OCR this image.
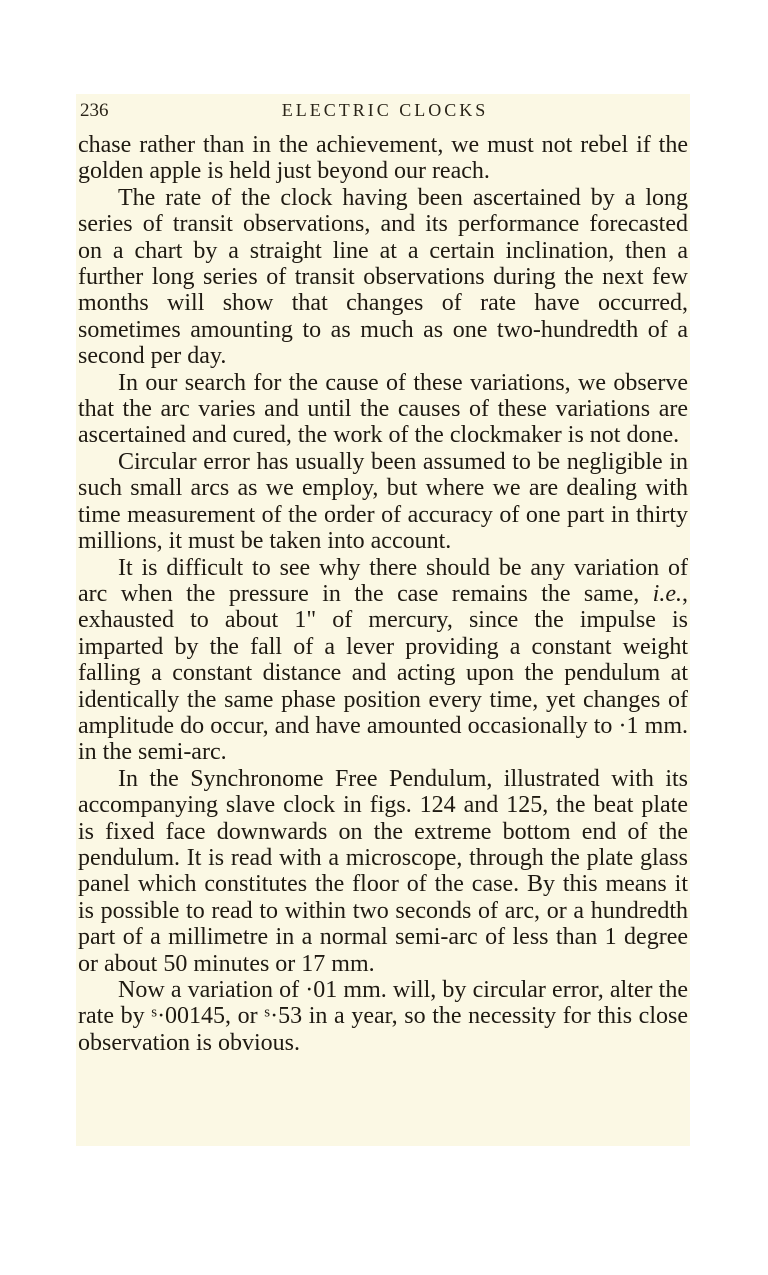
236	ELECTRIC CLOCKS

chase rather than in the achievement, we must not rebel if the golden apple is held just beyond our reach.

The rate of the clock having been ascertained by a long series of transit observations, and its performance forecasted on a chart by a straight line at a certain inclination, then a further long series of transit observations during the next few months will show that changes of rate have occurred, sometimes amounting to as much as one two-hundredth of a second per day.

In our search for the cause of these variations, we observe that the arc varies and until the causes of these variations are ascertained and cured, the work of the clockmaker is not done.

Circular error has usually been assumed to be negligible in such small arcs as we employ, but where we are dealing with time measurement of the order of accuracy of one part in thirty millions, it must be taken into account.

It is difficult to see why there should be any variation of arc when the pressure in the case remains the same, i.e., exhausted to about 1" of mercury, since the impulse is imparted by the fall of a lever providing a constant weight falling a constant distance and acting upon the pendulum at identically the same phase position every time, yet changes of amplitude do occur, and have amounted occasionally to ·1 mm. in the semi-arc.

In the Synchronome Free Pendulum, illustrated with its accompanying slave clock in figs. 124 and 125, the beat plate is fixed face downwards on the extreme bottom end of the pendulum. It is read with a microscope, through the plate glass panel which constitutes the floor of the case. By this means it is possible to read to within two seconds of arc, or a hundredth part of a millimetre in a normal semi-arc of less than 1 degree or about 50 minutes or 17 mm.

Now a variation of ·01 mm. will, by circular error, alter the rate by $^s$·00145, or $^s$·53 in a year, so the necessity for this close observation is obvious.
